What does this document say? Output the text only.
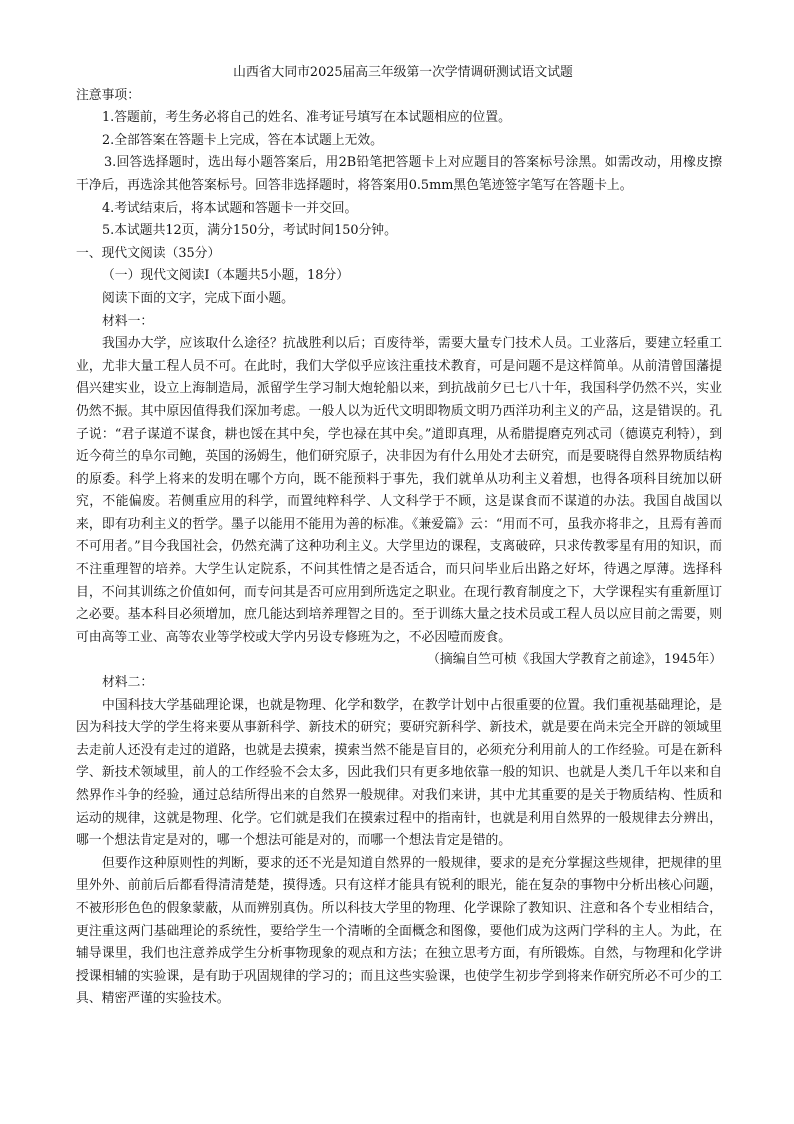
山西省大同市2025届高三年级第一次学情调研测试语文试题

注意事项：

1.答题前，考生务必将自己的姓名、准考证号填写在本试题相应的位置。

2.全部答案在答题卡上完成，答在本试题上无效。

3.回答选择题时，选出每小题答案后，用2B铅笔把答题卡上对应题目的答案标号涂黑。如需改动，用橡皮擦干净后，再选涂其他答案标号。回答非选择题时，将答案用0.5mm黑色笔迹签字笔写在答题卡上。

4.考试结束后，将本试题和答题卡一并交回。

5.本试题共12页，满分150分，考试时间150分钟。

一、现代文阅读（35分）

（一）现代文阅读Ⅰ（本题共5小题，18分）

阅读下面的文字，完成下面小题。

材料一：

我国办大学，应该取什么途径？抗战胜利以后；百废待举，需要大量专门技术人员。工业落后，要建立轻重工业，尤非大量工程人员不可。在此时，我们大学似乎应该注重技术教育，可是问题不是这样简单。从前清曾国藩提倡兴建实业，设立上海制造局，派留学生学习制大炮轮船以来，到抗战前夕已七八十年，我国科学仍然不兴，实业仍然不振。其中原因值得我们深加考虑。一般人以为近代文明即物质文明乃西洋功利主义的产品，这是错误的。孔子说：“君子谋道不谋食，耕也馁在其中矣，学也禄在其中矣。”道即真理，从希腊提磨克列忒司（德谟克利特），到近今荷兰的阜尔司鲍，英国的汤姆生，他们研究原子，决非因为有什么用处才去研究，而是要晓得自然界物质结构的原委。科学上将来的发明在哪个方向，既不能预料于事先，我们就单从功利主义着想，也得各项科目统加以研究，不能偏废。若侧重应用的科学，而置纯粹科学、人文科学于不顾，这是谋食而不谋道的办法。我国自战国以来，即有功利主义的哲学。墨子以能用不能用为善的标准。《兼爱篇》云：“用而不可，虽我亦将非之，且焉有善而不可用者。”目今我国社会，仍然充满了这种功利主义。大学里边的课程，支离破碎，只求传教零星有用的知识，而不注重理智的培养。大学生认定院系，不问其性情之是否适合，而只问毕业后出路之好坏，待遇之厚薄。选择科目，不问其训练之价值如何，而专问其是否可应用到所选定之职业。在现行教育制度之下，大学课程实有重新厘订之必要。基本科目必须增加，庶几能达到培养理智之目的。至于训练大量之技术员或工程人员以应目前之需要，则可由高等工业、高等农业等学校或大学内另设专修班为之，不必因噎而废食。

（摘编自竺可桢《我国大学教育之前途》，1945年）

材料二：

中国科技大学基础理论课，也就是物理、化学和数学，在教学计划中占很重要的位置。我们重视基础理论，是因为科技大学的学生将来要从事新科学、新技术的研究；要研究新科学、新技术，就是要在尚未完全开辟的领域里去走前人还没有走过的道路，也就是去摸索，摸索当然不能是盲目的，必须充分利用前人的工作经验。可是在新科学、新技术领域里，前人的工作经验不会太多，因此我们只有更多地依靠一般的知识、也就是人类几千年以来和自然界作斗争的经验，通过总结所得出来的自然界一般规律。对我们来讲，其中尤其重要的是关于物质结构、性质和运动的规律，这就是物理、化学。它们就是我们在摸索过程中的指南针，也就是利用自然界的一般规律去分辨出，哪一个想法肯定是对的，哪一个想法可能是对的，而哪一个想法肯定是错的。

但要作这种原则性的判断，要求的还不光是知道自然界的一般规律，要求的是充分掌握这些规律，把规律的里里外外、前前后后都看得清清楚楚，摸得透。只有这样才能具有锐利的眼光，能在复杂的事物中分析出核心问题，不被形形色色的假象蒙蔽，从而辨别真伪。所以科技大学里的物理、化学课除了教知识、注意和各个专业相结合，更注重这两门基础理论的系统性，要给学生一个清晰的全面概念和图像，要他们成为这两门学科的主人。为此，在辅导课里，我们也注意养成学生分析事物现象的观点和方法；在独立思考方面，有所锻炼。自然，与物理和化学讲授课相辅的实验课，是有助于巩固规律的学习的；而且这些实验课，也使学生初步学到将来作研究所必不可少的工具、精密严谨的实验技术。
